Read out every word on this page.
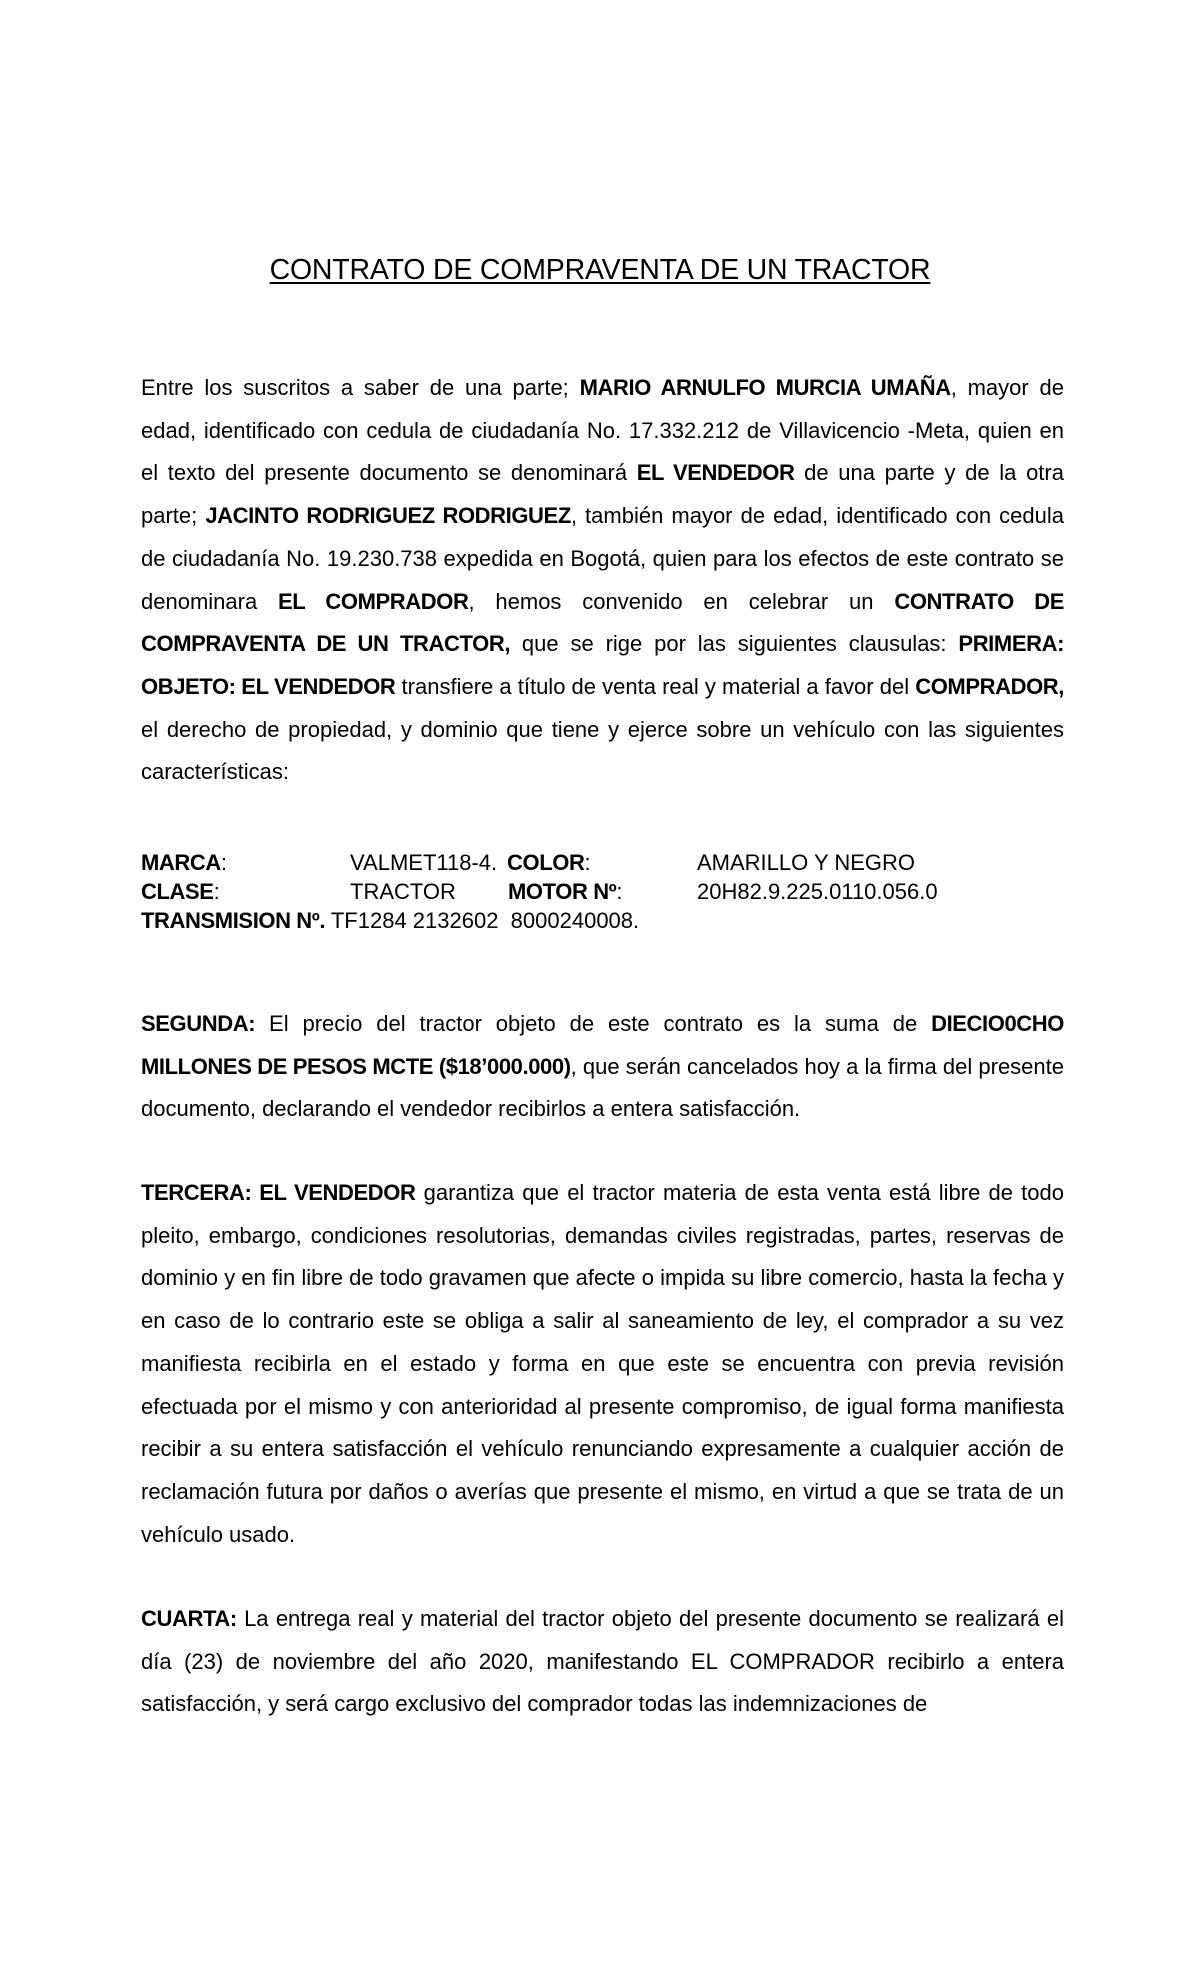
CONTRATO DE COMPRAVENTA DE UN TRACTOR

Entre los suscritos a saber de una parte; MARIO ARNULFO MURCIA UMAÑA, mayor de edad, identificado con cedula de ciudadanía No. 17.332.212 de Villavicencio -Meta, quien en el texto del presente documento se denominará EL VENDEDOR de una parte y de la otra parte; JACINTO RODRIGUEZ RODRIGUEZ, también mayor de edad, identificado con cedula de ciudadanía No. 19.230.738 expedida en Bogotá, quien para los efectos de este contrato se denominara EL COMPRADOR, hemos convenido en celebrar un CONTRATO DE COMPRAVENTA DE UN TRACTOR, que se rige por las siguientes clausulas: PRIMERA: OBJETO: EL VENDEDOR transfiere a título de venta real y material a favor del COMPRADOR, el derecho de propiedad, y dominio que tiene y ejerce sobre un vehículo con las siguientes características:

MARCA:	VALMET118-4. COLOR:	AMARILLO Y NEGRO
CLASE:	TRACTOR MOTOR Nº:	20H82.9.225.0110.056.0
TRANSMISION Nº. TF1284 2132602  8000240008.

SEGUNDA: El precio del tractor objeto de este contrato es la suma de DIECIO0CHO MILLONES DE PESOS MCTE ($18’000.000), que serán cancelados hoy a la firma del presente documento, declarando el vendedor recibirlos a entera satisfacción.

TERCERA: EL VENDEDOR garantiza que el tractor materia de esta venta está libre de todo pleito, embargo, condiciones resolutorias, demandas civiles registradas, partes, reservas de dominio y en fin libre de todo gravamen que afecte o impida su libre comercio, hasta la fecha y en caso de lo contrario este se obliga a salir al saneamiento de ley, el comprador a su vez manifiesta recibirla en el estado y forma en que este se encuentra con previa revisión efectuada por el mismo y con anterioridad al presente compromiso, de igual forma manifiesta recibir a su entera satisfacción el vehículo renunciando expresamente a cualquier acción de reclamación futura por daños o averías que presente el mismo, en virtud a que se trata de un vehículo usado.

CUARTA: La entrega real y material del tractor objeto del presente documento se realizará el día (23) de noviembre del año 2020, manifestando EL COMPRADOR recibirlo a entera satisfacción, y será cargo exclusivo del comprador todas las indemnizaciones de
